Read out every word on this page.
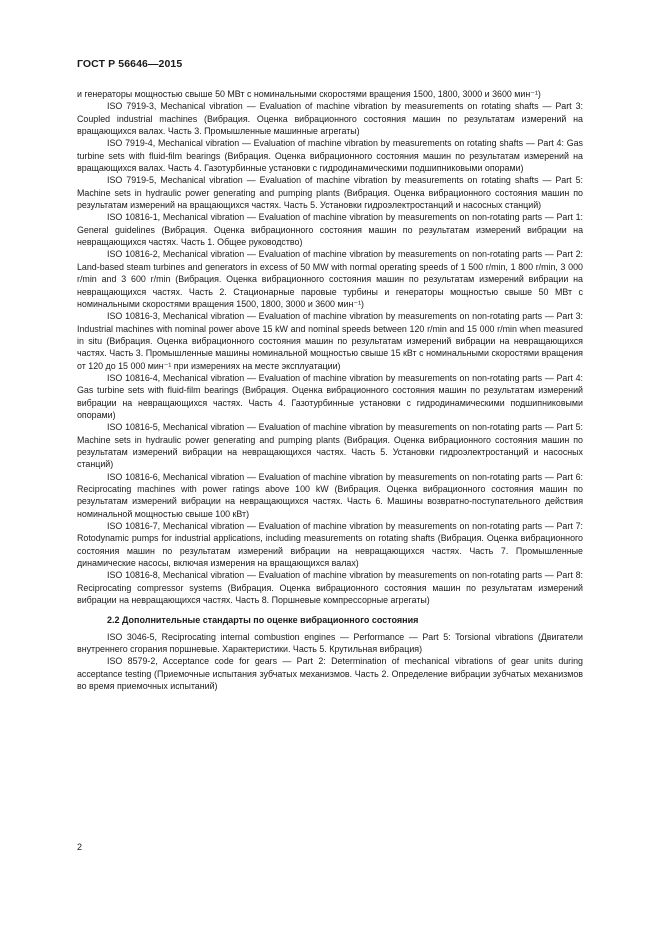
ГОСТ Р 56646—2015

и генераторы мощностью свыше 50 МВт с номинальными скоростями вращения 1500, 1800, 3000 и 3600 мин⁻¹)

ISO 7919-3, Mechanical vibration — Evaluation of machine vibration by measurements on rotating shafts — Part 3: Coupled industrial machines (Вибрация. Оценка вибрационного состояния машин по результатам измерений на вращающихся валах. Часть 3. Промышленные машинные агрегаты)

ISO 7919-4, Mechanical vibration — Evaluation of machine vibration by measurements on rotating shafts — Part 4: Gas turbine sets with fluid-film bearings (Вибрация. Оценка вибрационного состояния машин по результатам измерений на вращающихся валах. Часть 4. Газотурбинные установки с гидродинамическими подшипниковыми опорами)

ISO 7919-5, Mechanical vibration — Evaluation of machine vibration by measurements on rotating shafts — Part 5: Machine sets in hydraulic power generating and pumping plants (Вибрация. Оценка вибрационного состояния машин по результатам измерений на вращающихся частях. Часть 5. Установки гидроэлектростанций и насосных станций)

ISO 10816-1, Mechanical vibration — Evaluation of machine vibration by measurements on non-rotating parts — Part 1: General guidelines (Вибрация. Оценка вибрационного состояния машин по результатам измерений вибрации на невращающихся частях. Часть 1. Общее руководство)

ISO 10816-2, Mechanical vibration — Evaluation of machine vibration by measurements on non-rotating parts — Part 2: Land-based steam turbines and generators in excess of 50 MW with normal operating speeds of 1 500 r/min, 1 800 r/min, 3 000 r/min and 3 600 r/min (Вибрация. Оценка вибрационного состояния машин по результатам измерений вибрации на невращающихся частях. Часть 2. Стационарные паровые турбины и генераторы мощностью свыше 50 МВт с номинальными скоростями вращения 1500, 1800, 3000 и 3600 мин⁻¹)

ISO 10816-3, Mechanical vibration — Evaluation of machine vibration by measurements on non-rotating parts — Part 3: Industrial machines with nominal power above 15 kW and nominal speeds between 120 r/min and 15 000 r/min when measured in situ (Вибрация. Оценка вибрационного состояния машин по результатам измерений вибрации на невращающихся частях. Часть 3. Промышленные машины номинальной мощностью свыше 15 кВт с номинальными скоростями вращения от 120 до 15 000 мин⁻¹ при измерениях на месте эксплуатации)

ISO 10816-4, Mechanical vibration — Evaluation of machine vibration by measurements on non-rotating parts — Part 4: Gas turbine sets with fluid-film bearings (Вибрация. Оценка вибрационного состояния машин по результатам измерений вибрации на невращающихся частях. Часть 4. Газотурбинные установки с гидродинамическими подшипниковыми опорами)

ISO 10816-5, Mechanical vibration — Evaluation of machine vibration by measurements on non-rotating parts — Part 5: Machine sets in hydraulic power generating and pumping plants (Вибрация. Оценка вибрационного состояния машин по результатам измерений вибрации на невращающихся частях. Часть 5. Установки гидроэлектростанций и насосных станций)

ISO 10816-6, Mechanical vibration — Evaluation of machine vibration by measurements on non-rotating parts — Part 6: Reciprocating machines with power ratings above 100 kW (Вибрация. Оценка вибрационного состояния машин по результатам измерений вибрации на невращающихся частях. Часть 6. Машины возвратно-поступательного действия номинальной мощностью свыше 100 кВт)

ISO 10816-7, Mechanical vibration — Evaluation of machine vibration by measurements on non-rotating parts — Part 7: Rotodynamic pumps for industrial applications, including measurements on rotating shafts (Вибрация. Оценка вибрационного состояния машин по результатам измерений вибрации на невращающихся частях. Часть 7. Промышленные динамические насосы, включая измерения на вращающихся валах)

ISO 10816-8, Mechanical vibration — Evaluation of machine vibration by measurements on non-rotating parts — Part 8: Reciprocating compressor systems (Вибрация. Оценка вибрационного состояния машин по результатам измерений вибрации на невращающихся частях. Часть 8. Поршневые компрессорные агрегаты)

2.2 Дополнительные стандарты по оценке вибрационного состояния

ISO 3046-5, Reciprocating internal combustion engines — Performance — Part 5: Torsional vibrations (Двигатели внутреннего сгорания поршневые. Характеристики. Часть 5. Крутильная вибрация)

ISO 8579-2, Acceptance code for gears — Part 2: Determination of mechanical vibrations of gear units during acceptance testing (Приемочные испытания зубчатых механизмов. Часть 2. Определение вибрации зубчатых механизмов во время приемочных испытаний)

2
